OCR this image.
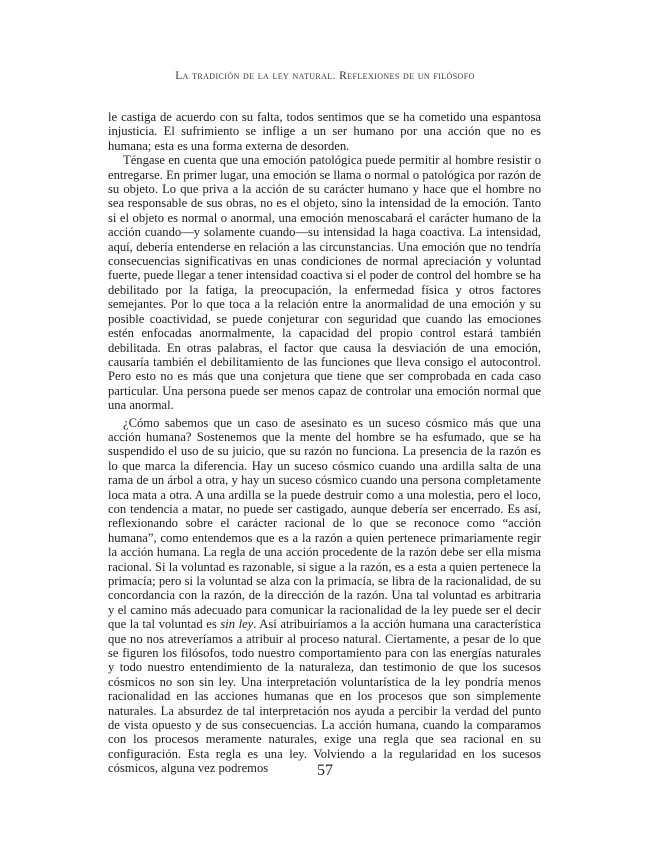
La tradición de la ley natural. Reflexiones de un filósofo

le castiga de acuerdo con su falta, todos sentimos que se ha cometido una espantosa injusticia. El sufrimiento se inflige a un ser humano por una acción que no es humana; esta es una forma externa de desorden.

Téngase en cuenta que una emoción patológica puede permitir al hombre resistir o entregarse. En primer lugar, una emoción se llama o normal o patológica por razón de su objeto. Lo que priva a la acción de su carácter humano y hace que el hombre no sea responsable de sus obras, no es el objeto, sino la intensidad de la emoción. Tanto si el objeto es normal o anormal, una emoción menoscabará el carácter humano de la acción cuando—y solamente cuando—su intensidad la haga coactiva. La intensidad, aquí, debería entenderse en relación a las circunstancias. Una emoción que no tendría consecuencias significativas en unas condiciones de normal apreciación y voluntad fuerte, puede llegar a tener intensidad coactiva si el poder de control del hombre se ha debilitado por la fatiga, la preocupación, la enfermedad física y otros factores semejantes. Por lo que toca a la relación entre la anormalidad de una emoción y su posible coactividad, se puede conjeturar con seguridad que cuando las emociones estén enfocadas anormalmente, la capacidad del propio control estará también debilitada. En otras palabras, el factor que causa la desviación de una emoción, causaría también el debilitamiento de las funciones que lleva consigo el autocontrol. Pero esto no es más que una conjetura que tiene que ser comprobada en cada caso particular. Una persona puede ser menos capaz de controlar una emoción normal que una anormal.

¿Cómo sabemos que un caso de asesinato es un suceso cósmico más que una acción humana? Sostenemos que la mente del hombre se ha esfumado, que se ha suspendido el uso de su juicio, que su razón no funciona. La presencia de la razón es lo que marca la diferencia. Hay un suceso cósmico cuando una ardilla salta de una rama de un árbol a otra, y hay un suceso cósmico cuando una persona completamente loca mata a otra. A una ardilla se la puede destruir como a una molestia, pero el loco, con tendencia a matar, no puede ser castigado, aunque debería ser encerrado. Es así, reflexionando sobre el carácter racional de lo que se reconoce como “acción humana”, como entendemos que es a la razón a quien pertenece primariamente regir la acción humana. La regla de una acción procedente de la razón debe ser ella misma racional. Si la voluntad es razonable, si sigue a la razón, es a esta a quien pertenece la primacía; pero si la voluntad se alza con la primacía, se libra de la racionalidad, de su concordancia con la razón, de la dirección de la razón. Una tal voluntad es arbitraria y el camino más adecuado para comunicar la racionalidad de la ley puede ser el decir que la tal voluntad es sin ley. Así atribuiríamos a la acción humana una característica que no nos atreveríamos a atribuir al proceso natural. Ciertamente, a pesar de lo que se figuren los filósofos, todo nuestro comportamiento para con las energías naturales y todo nuestro entendimiento de la naturaleza, dan testimonio de que los sucesos cósmicos no son sin ley. Una interpretación voluntarística de la ley pondría menos racionalidad en las acciones humanas que en los procesos que son simplemente naturales. La absurdez de tal interpretación nos ayuda a percibir la verdad del punto de vista opuesto y de sus consecuencias. La acción humana, cuando la comparamos con los procesos meramente naturales, exige una regla que sea racional en su configuración. Esta regla es una ley. Volviendo a la regularidad en los sucesos cósmicos, alguna vez podremos	57
